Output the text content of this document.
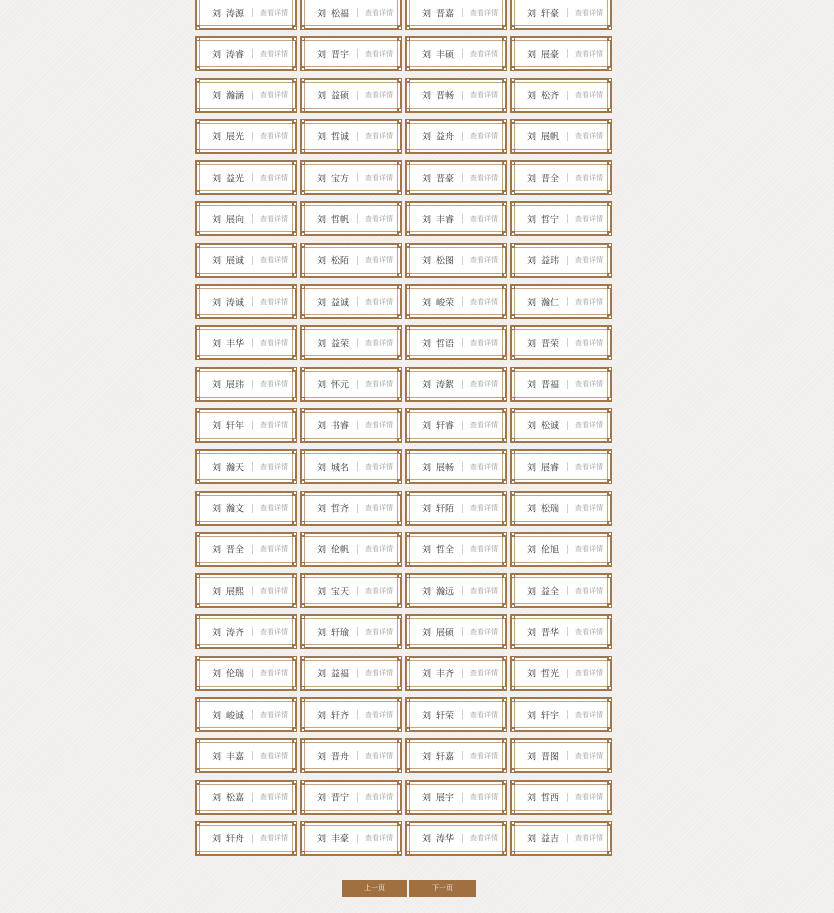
刘 涛源 查看详情	刘 松福 查看详情	刘 晋嘉 查看详情	刘 轩豪 查看详情
刘 涛睿 查看详情	刘 晋宇 查看详情	刘 丰硕 查看详情	刘 展豪 查看详情
刘 瀚涵 查看详情	刘 益硕 查看详情	刘 晋畅 查看详情	刘 松齐 查看详情
刘 展光 查看详情	刘 哲诚 查看详情	刘 益舟 查看详情	刘 展帆 查看详情
刘 益光 查看详情	刘 宝方 查看详情	刘 晋豪 查看详情	刘 晋全 查看详情
刘 展向 查看详情	刘 哲帆 查看详情	刘 丰睿 查看详情	刘 哲宁 查看详情
刘 展诚 查看详情	刘 松陌 查看详情	刘 松图 查看详情	刘 益玮 查看详情
刘 涛诚 查看详情	刘 益诚 查看详情	刘 峻荣 查看详情	刘 瀚仁 查看详情
刘 丰华 查看详情	刘 益荣 查看详情	刘 哲语 查看详情	刘 晋荣 查看详情
刘 展玮 查看详情	刘 怀元 查看详情	刘 涛絮 查看详情	刘 晋福 查看详情
刘 轩年 查看详情	刘 书睿 查看详情	刘 轩睿 查看详情	刘 松诚 查看详情
刘 瀚天 查看详情	刘 城名 查看详情	刘 展畅 查看详情	刘 展睿 查看详情
刘 瀚文 查看详情	刘 哲齐 查看详情	刘 轩陌 查看详情	刘 松瑞 查看详情
刘 晋全 查看详情	刘 伦帆 查看详情	刘 哲全 查看详情	刘 伦旭 查看详情
刘 展熙 查看详情	刘 宝天 查看详情	刘 瀚远 查看详情	刘 益全 查看详情
刘 涛齐 查看详情	刘 轩瑜 查看详情	刘 展硕 查看详情	刘 晋华 查看详情
刘 伦瑞 查看详情	刘 益福 查看详情	刘 丰齐 查看详情	刘 哲光 查看详情
刘 峻诚 查看详情	刘 轩齐 查看详情	刘 轩荣 查看详情	刘 轩宇 查看详情
刘 丰嘉 查看详情	刘 晋舟 查看详情	刘 轩嘉 查看详情	刘 晋图 查看详情
刘 松嘉 查看详情	刘 晋宁 查看详情	刘 展宇 查看详情	刘 哲西 查看详情
刘 轩舟 查看详情	刘 丰豪 查看详情	刘 涛华 查看详情	刘 益吉 查看详情
上一页	下一页
